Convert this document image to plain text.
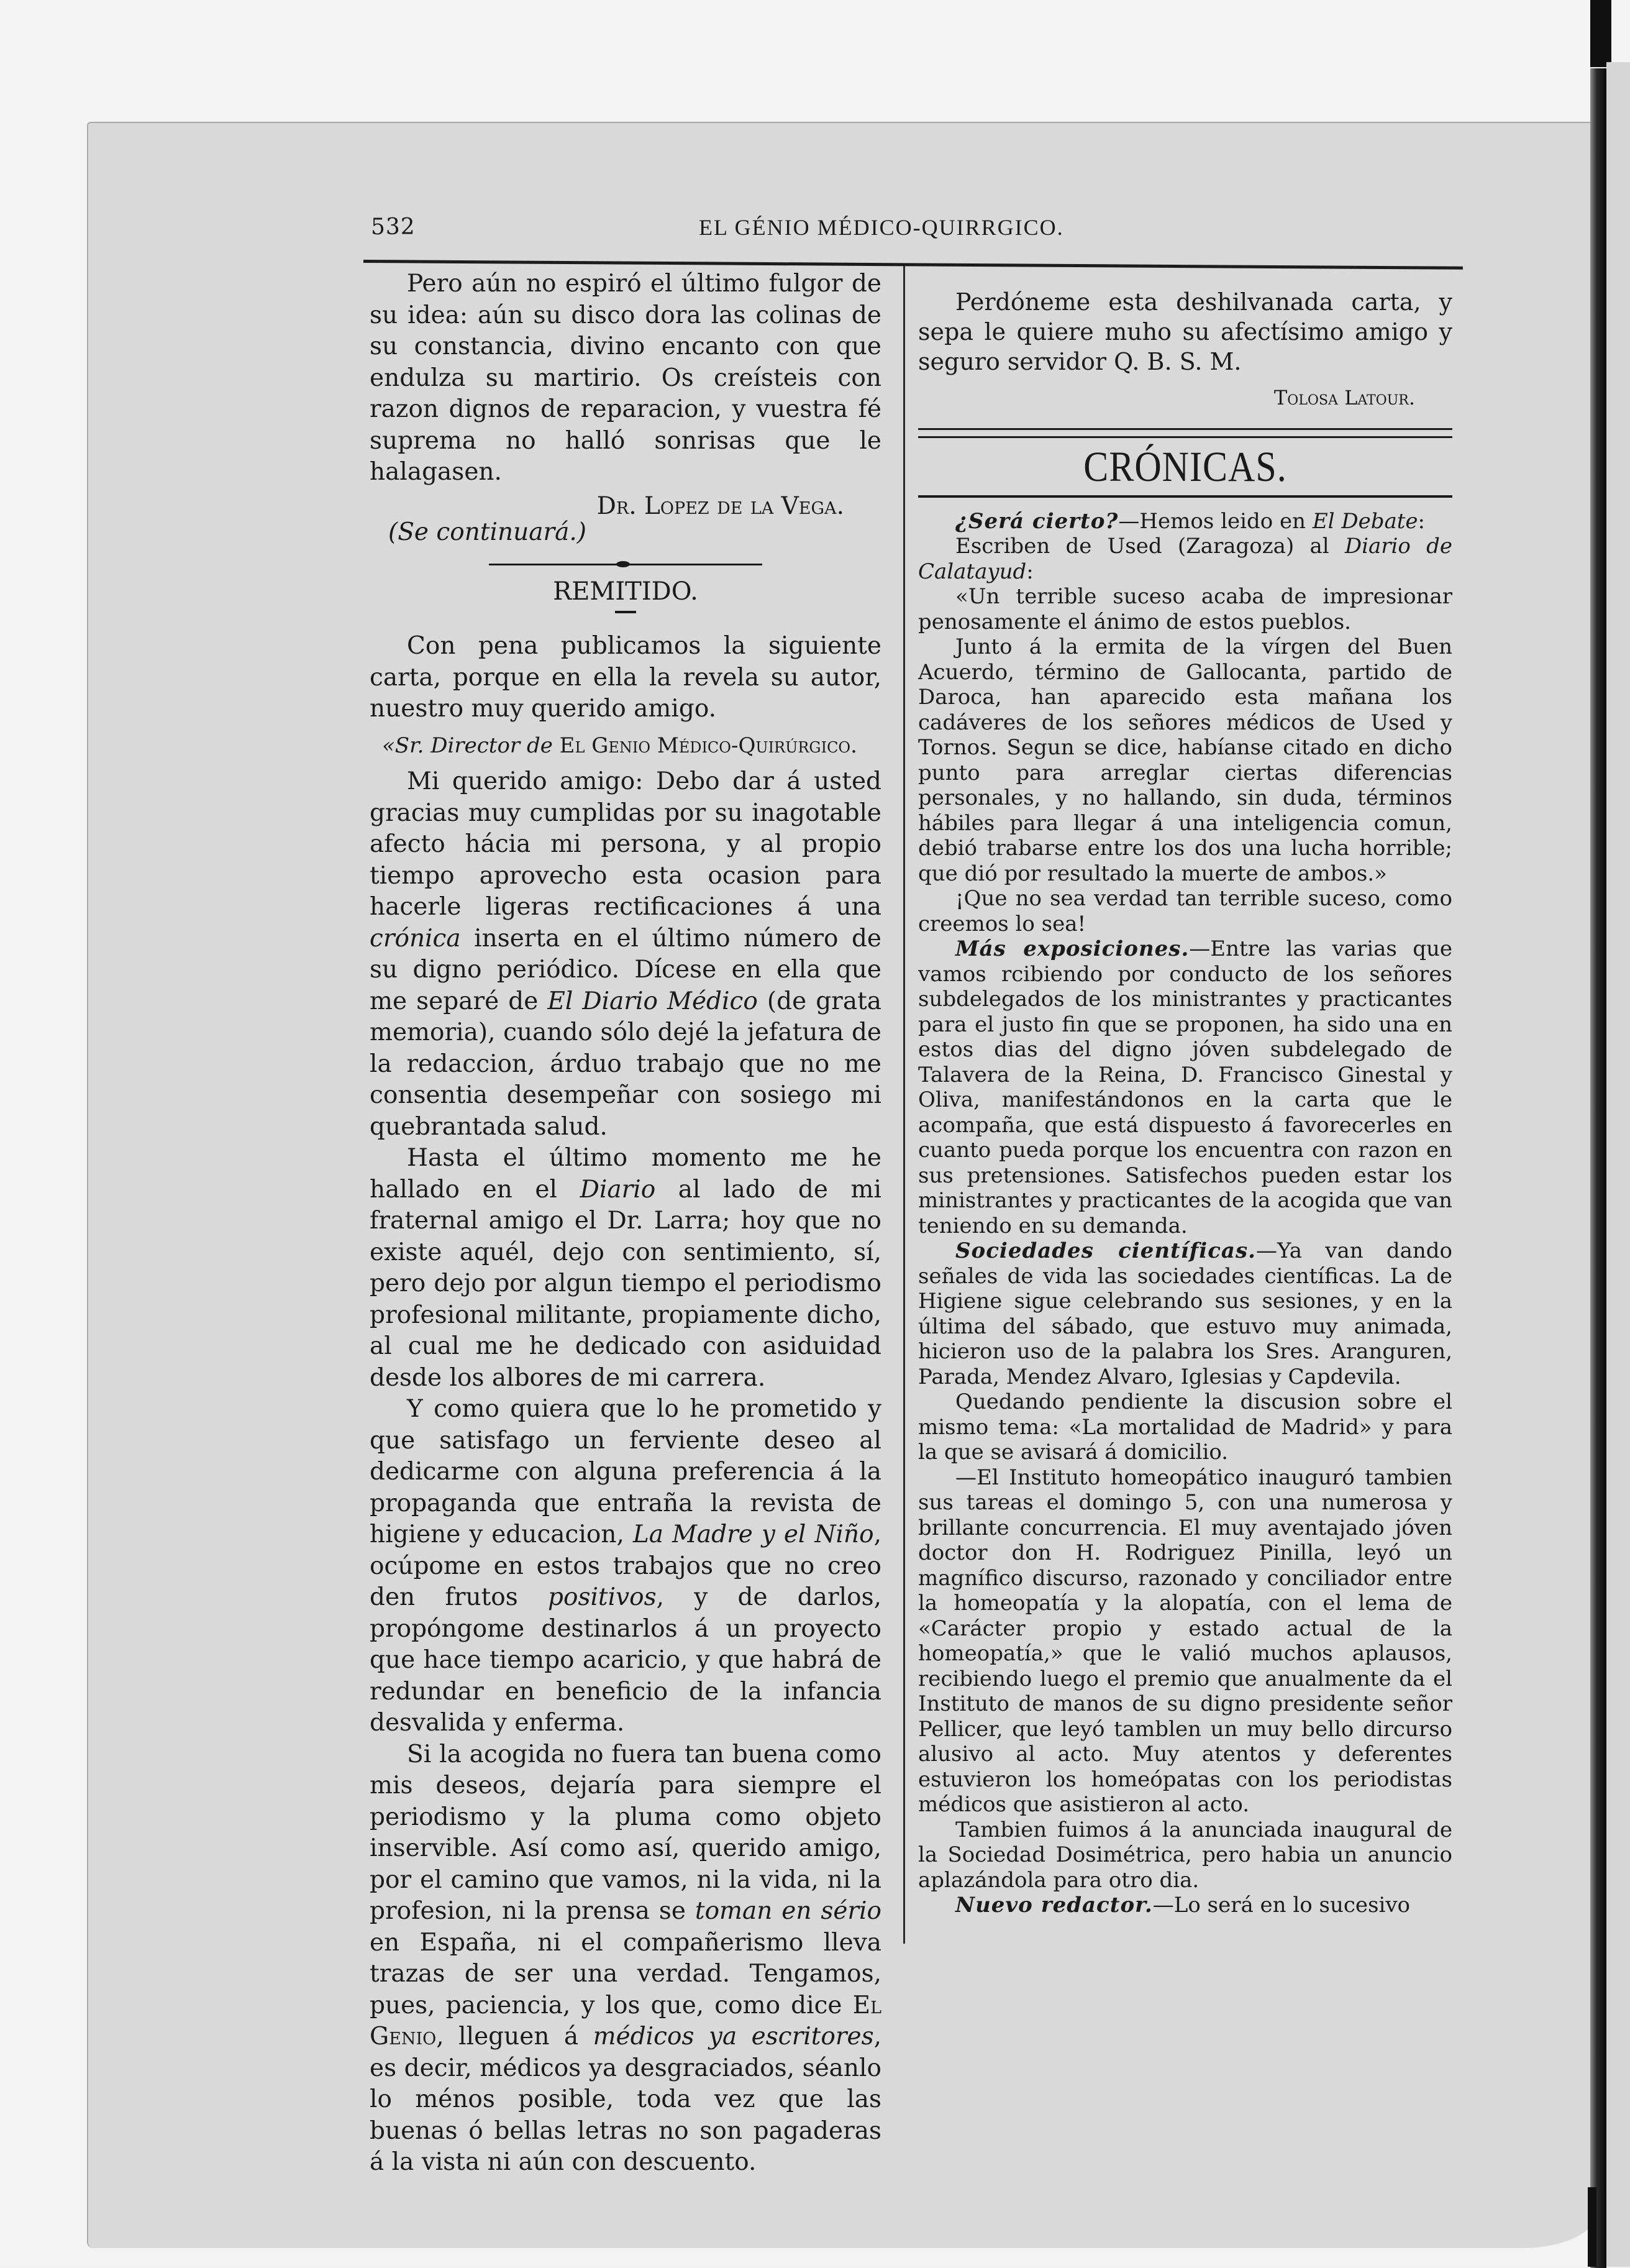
532	EL GÉNIO MÉDICO-QUIRRGICO.

Pero aún no espiró el último fulgor de su idea: aún su disco dora las colinas de su constancia, divino encanto con que endulza su martirio. Os creísteis con razon dignos de reparacion, y vuestra fé suprema no halló sonrisas que le halagasen.

Dr. Lopez de la Vega.

(Se continuará.)

REMITIDO.

Con pena publicamos la siguiente carta, porque en ella la revela su autor, nuestro muy querido amigo.

«Sr. Director de El Genio Médico-Quirúrgico.

Mi querido amigo: Debo dar á usted gracias muy cumplidas por su inagotable afecto hácia mi persona, y al propio tiempo aprovecho esta ocasion para hacerle ligeras rectificaciones á una crónica inserta en el último número de su digno periódico. Dícese en ella que me separé de El Diario Médico (de grata memoria), cuando sólo dejé la jefatura de la redaccion, árduo trabajo que no me consentia desempeñar con sosiego mi quebrantada salud.

Hasta el último momento me he hallado en el Diario al lado de mi fraternal amigo el Dr. Larra; hoy que no existe aquél, dejo con sentimiento, sí, pero dejo por algun tiempo el periodismo profesional militante, propiamente dicho, al cual me he dedicado con asiduidad desde los albores de mi carrera.

Y como quiera que lo he prometido y que satisfago un ferviente deseo al dedicarme con alguna preferencia á la propaganda que entraña la revista de higiene y educacion, La Madre y el Niño, ocúpome en estos trabajos que no creo den frutos positivos, y de darlos, propóngome destinarlos á un proyecto que hace tiempo acaricio, y que habrá de redundar en beneficio de la infancia desvalida y enferma.

Si la acogida no fuera tan buena como mis deseos, dejaría para siempre el periodismo y la pluma como objeto inservible. Así como así, querido amigo, por el camino que vamos, ni la vida, ni la profesion, ni la prensa se toman en sério en España, ni el compañerismo lleva trazas de ser una verdad. Tengamos, pues, paciencia, y los que, como dice El Genio, lleguen á médicos ya escritores, es decir, médicos ya desgraciados, séanlo lo ménos posible, toda vez que las buenas ó bellas letras no son pagaderas á la vista ni aún con descuento.

Perdóneme esta deshilvanada carta, y sepa le quiere muho su afectísimo amigo y seguro servidor Q. B. S. M.

Tolosa Latour.

CRÓNICAS.

¿Será cierto?—Hemos leido en El Debate:

Escriben de Used (Zaragoza) al Diario de Calatayud:

«Un terrible suceso acaba de impresionar penosamente el ánimo de estos pueblos.

Junto á la ermita de la vírgen del Buen Acuerdo, término de Gallocanta, partido de Daroca, han aparecido esta mañana los cadáveres de los señores médicos de Used y Tornos. Segun se dice, habíanse citado en dicho punto para arreglar ciertas diferencias personales, y no hallando, sin duda, términos hábiles para llegar á una inteligencia comun, debió trabarse entre los dos una lucha horrible; que dió por resultado la muerte de ambos.»

¡Que no sea verdad tan terrible suceso, como creemos lo sea!

Más exposiciones.—Entre las varias que vamos rcibiendo por conducto de los señores subdelegados de los ministrantes y practicantes para el justo fin que se proponen, ha sido una en estos dias del digno jóven subdelegado de Talavera de la Reina, D. Francisco Ginestal y Oliva, manifestándonos en la carta que le acompaña, que está dispuesto á favorecerles en cuanto pueda porque los encuentra con razon en sus pretensiones. Satisfechos pueden estar los ministrantes y practicantes de la acogida que van teniendo en su demanda.

Sociedades científicas.—Ya van dando señales de vida las sociedades científicas. La de Higiene sigue celebrando sus sesiones, y en la última del sábado, que estuvo muy animada, hicieron uso de la palabra los Sres. Aranguren, Parada, Mendez Alvaro, Iglesias y Capdevila.

Quedando pendiente la discusion sobre el mismo tema: «La mortalidad de Madrid» y para la que se avisará á domicilio.

—El Instituto homeopático inauguró tambien sus tareas el domingo 5, con una numerosa y brillante concurrencia. El muy aventajado jóven doctor don H. Rodriguez Pinilla, leyó un magnífico discurso, razonado y conciliador entre la homeopatía y la alopatía, con el lema de «Carácter propio y estado actual de la homeopatía,» que le valió muchos aplausos, recibiendo luego el premio que anualmente da el Instituto de manos de su digno presidente señor Pellicer, que leyó tamblen un muy bello dircurso alusivo al acto. Muy atentos y deferentes estuvieron los homeópatas con los periodistas médicos que asistieron al acto.

Tambien fuimos á la anunciada inaugural de la Sociedad Dosimétrica, pero habia un anuncio aplazándola para otro dia.

Nuevo redactor.—Lo será en lo sucesivo
